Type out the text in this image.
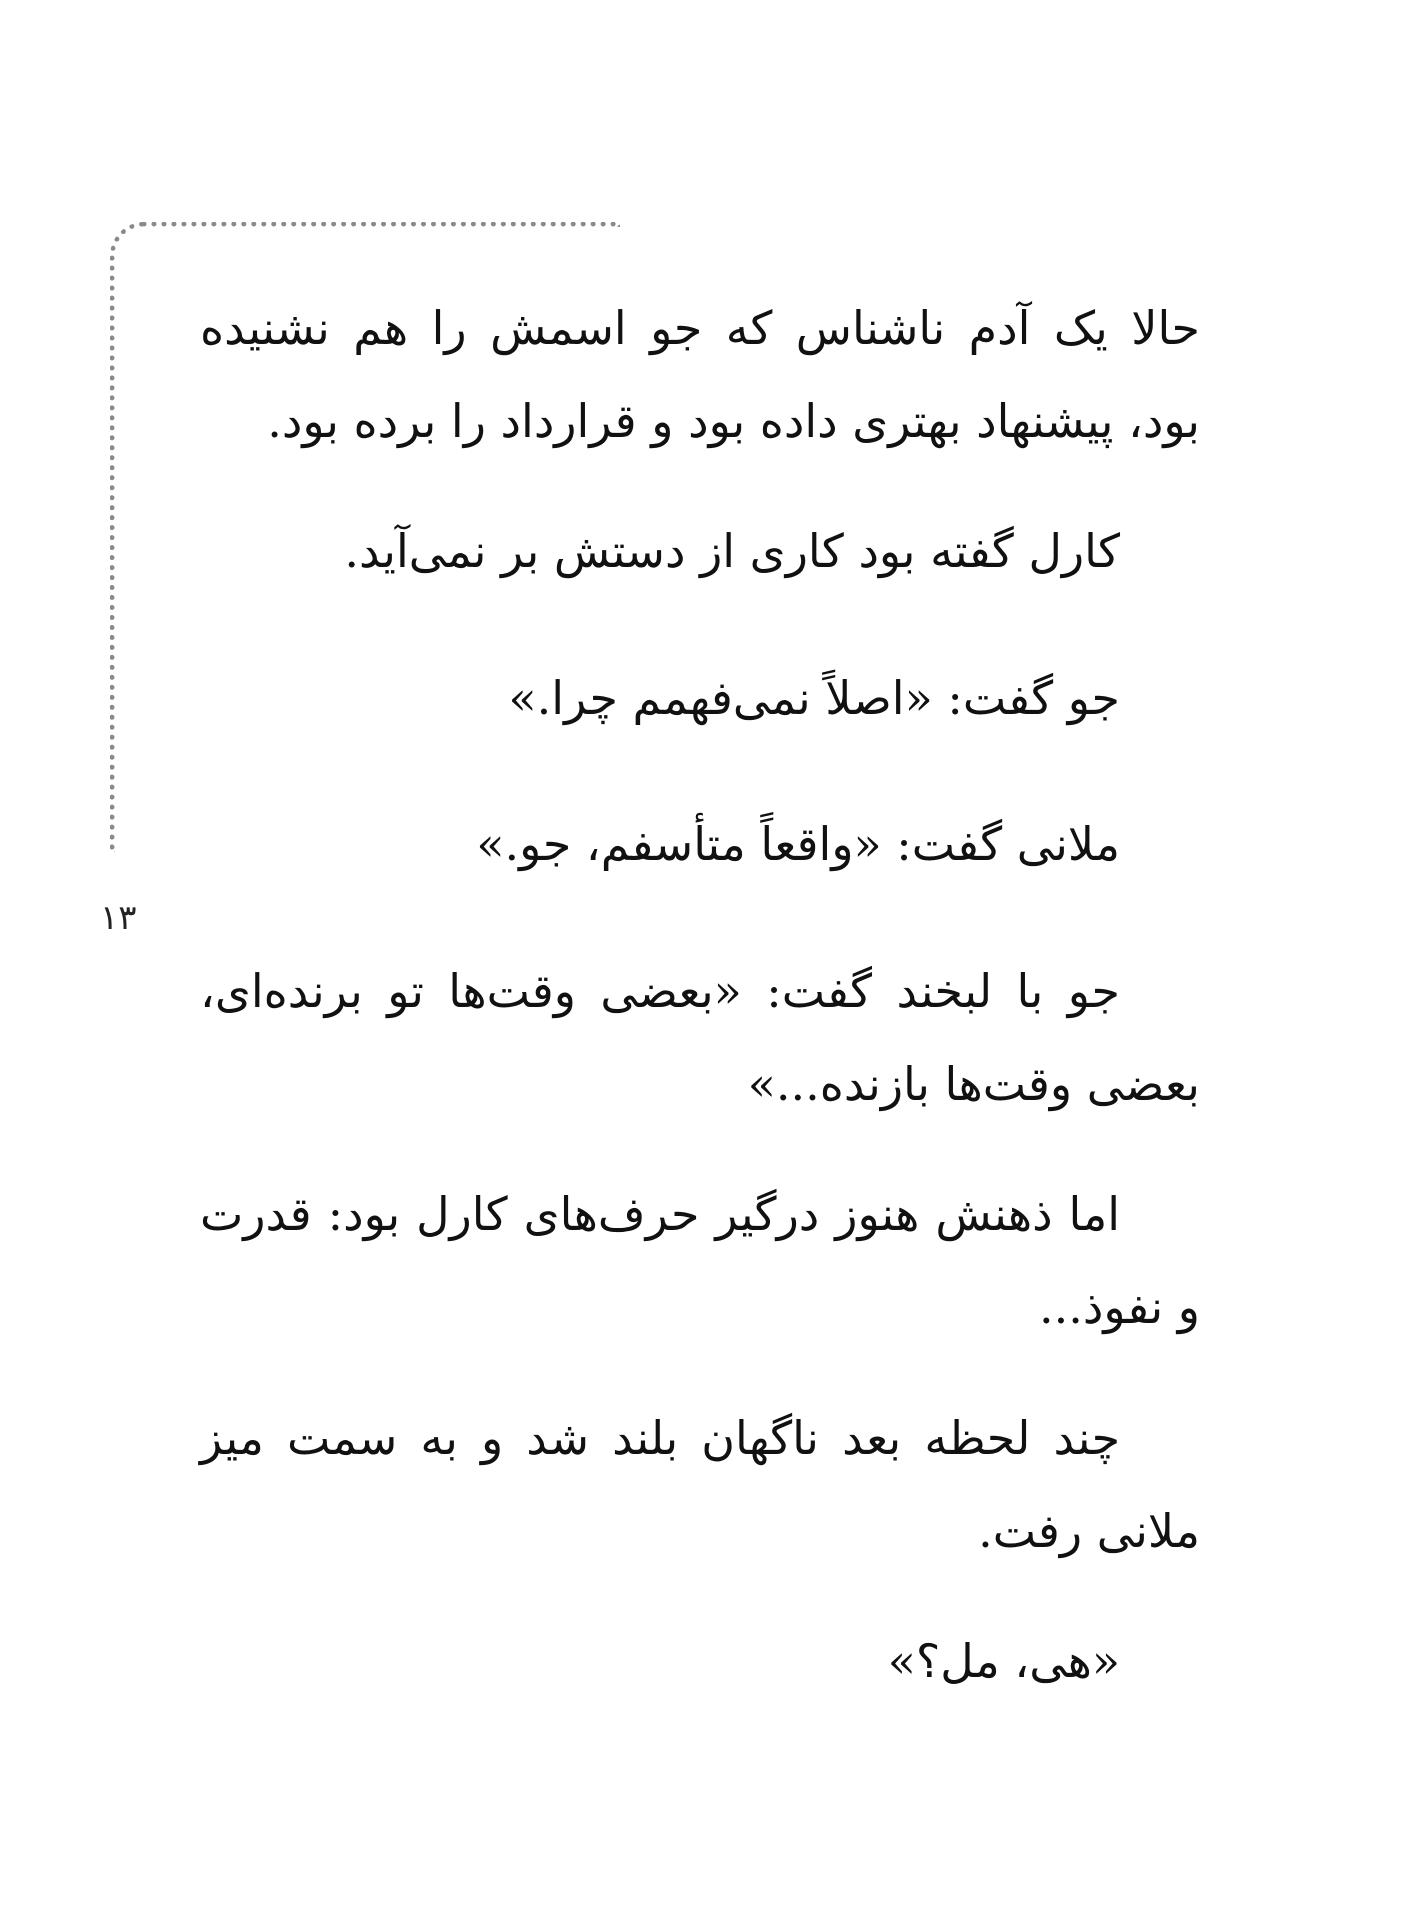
۱۳

حالا یک آدم ناشناس که جو اسمش را هم نشنیده بود، پیشنهاد بهتری داده بود و قرارداد را برده بود.

کارل گفته بود کاری از دستش بر نمی‌آید.

جو گفت: «اصلاً نمی‌فهمم چرا.»

ملانی گفت: «واقعاً متأسفم، جو.»

جو با لبخند گفت: «بعضی وقت‌ها تو برنده‌ای، بعضی وقت‌ها بازنده...»

اما ذهنش هنوز درگیر حرف‌های کارل بود: قدرت و نفوذ...

چند لحظه بعد ناگهان بلند شد و به سمت میز ملانی رفت.

«هی، مل؟»
